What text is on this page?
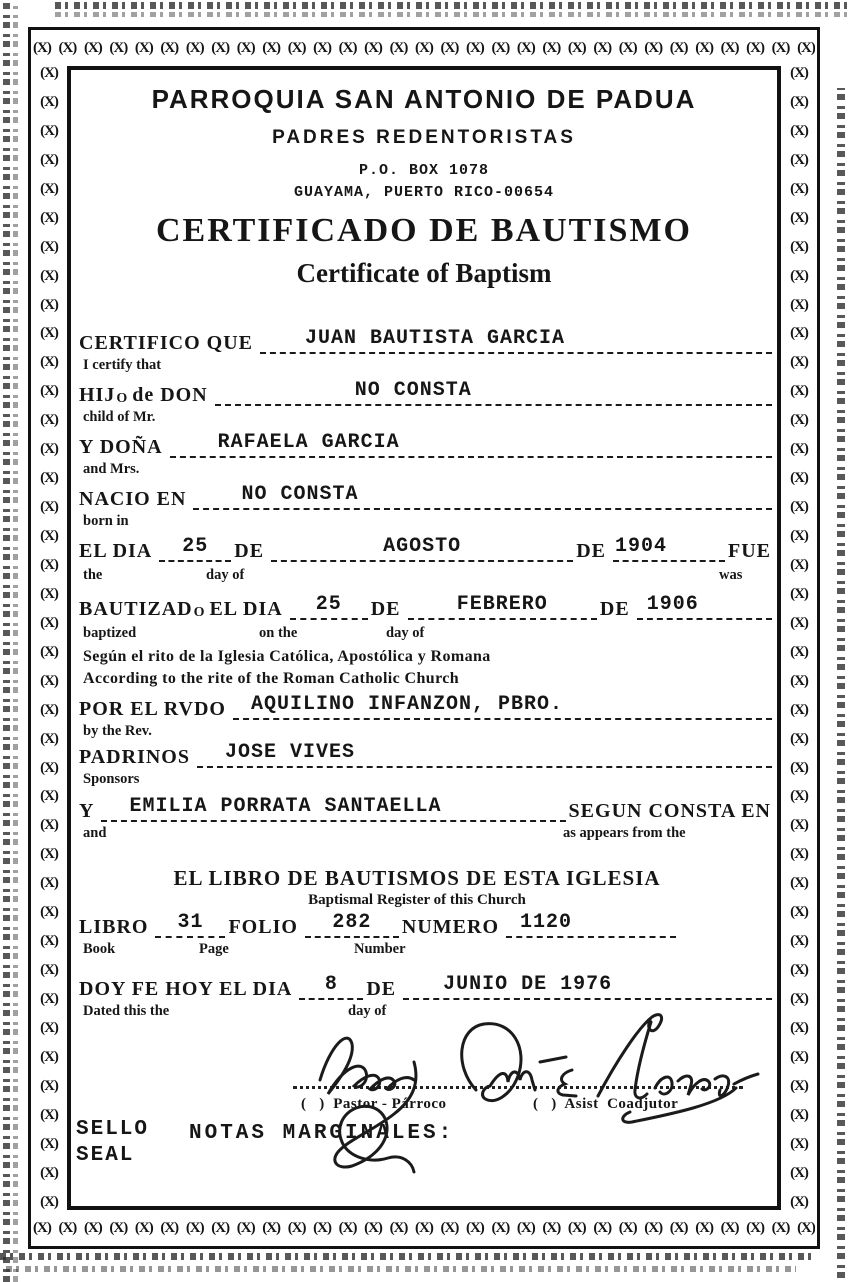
(X) (X) (X) (X) (X) (X) (X) (X) (X) (X) (X) (X) (X) (X) (X) (X) (X) (X) (X) (X) (X) (X) (X) (X) (X) (X) (X) (X) (X) (X) (X)
(X) (X) (X) (X) (X) (X) (X) (X) (X) (X) (X) (X) (X) (X) (X) (X) (X) (X) (X) (X) (X) (X) (X) (X) (X) (X) (X) (X) (X) (X) (X)
(X)
(X)
(X)
(X)
(X)
(X)
(X)
(X)
(X)
(X)
(X)
(X)
(X)
(X)
(X)
(X)
(X)
(X)
(X)
(X)
(X)
(X)
(X)
(X)
(X)
(X)
(X)
(X)
(X)
(X)
(X)
(X)
(X)
(X)
(X)
(X)
(X)
(X)
(X)
(X)
(X)
(X)
(X)
(X)
(X)
(X)
(X)
(X)
(X)
(X)
(X)
(X)
(X)
(X)
(X)
(X)
(X)
(X)
(X)
(X)
(X)
(X)
(X)
(X)
(X)
(X)
(X)
(X)
(X)
(X)
(X)
(X)
(X)
(X)
(X)
(X)
(X)
(X)
(X)
(X)
PARROQUIA SAN ANTONIO DE PADUA
PADRES REDENTORISTAS
P.O. BOX 1078
GUAYAMA, PUERTO RICO-00654
CERTIFICADO DE BAUTISMO
Certificate of Baptism
CERTIFICO QUE	JUAN BAUTISTA GARCIA
I certify that
HIJ O de DON	NO CONSTA
child of Mr.
Y DOÑA	RAFAELA GARCIA
and Mrs.
NACIO EN	NO CONSTA
born in
EL DIA 25 DE	AGOSTO	DE 1904	FUE
the	day of	was
BAUTIZAD O EL DIA 25 DE	FEBRERO	DE 1906
baptized	on the	day of
Según el rito de la Iglesia Católica, Apostólica y Romana
According to the rite of the Roman Catholic Church
POR EL RVDO AQUILINO INFANZON, PBRO.
by the Rev.
PADRINOS JOSE VIVES
Sponsors
Y EMILIA PORRATA SANTAELLA	SEGUN CONSTA EN
and	as appears from the
EL LIBRO DE BAUTISMOS DE ESTA IGLESIA
Baptismal Register of this Church
LIBRO 31 FOLIO 282 NUMERO 1120
Book	Page	Number
DOY FE HOY EL DIA 8 DE JUNIO DE 1976
Dated this the	day of
(   )  Pastor - Párroco	(   )  Asist  Coadjutor
SELLO
SEAL
NOTAS MARGINALES:
